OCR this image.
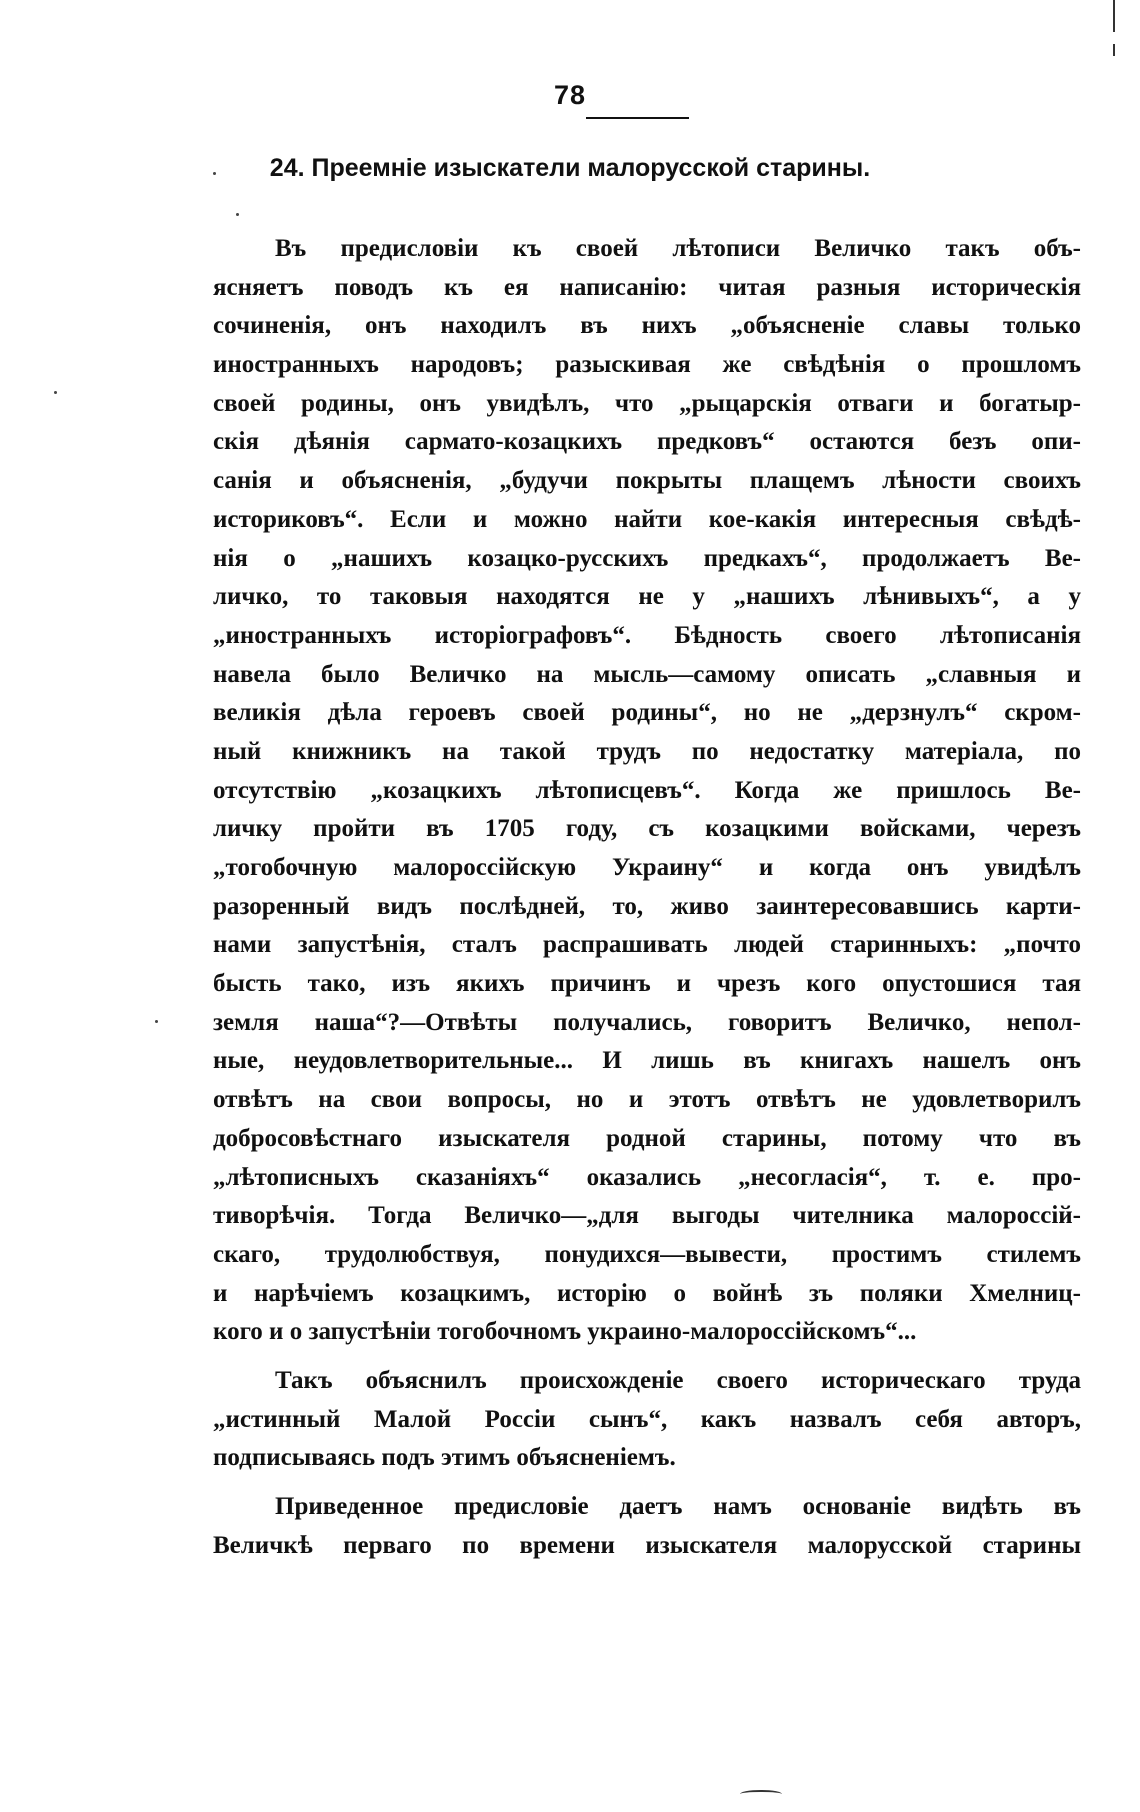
78
24. Преемніе изыскатели малорусской старины.
Въ предисловіи къ своей лѣтописи Величко такъ объ-
ясняетъ поводъ къ ея написанію: читая разныя историческія
сочиненія, онъ находилъ въ нихъ „объясненіе славы только
иностранныхъ народовъ; разыскивая же свѣдѣнія о прошломъ
своей родины, онъ увидѣлъ, что „рыцарскія отваги и богатыр-
скія дѣянія сармато-козацкихъ предковъ“ остаются безъ опи-
санія и объясненія, „будучи покрыты плащемъ лѣности своихъ
историковъ“. Если и можно найти кое-какія интересныя свѣдѣ-
нія о „нашихъ козацко-русскихъ предкахъ“, продолжаетъ Ве-
личко, то таковыя находятся не у „нашихъ лѣнивыхъ“, а у
„иностранныхъ исторіографовъ“. Бѣдность своего лѣтописанія
навела было Величко на мысль—самому описать „славныя и
великія дѣла героевъ своей родины“, но не „дерзнулъ“ скром-
ный книжникъ на такой трудъ по недостатку матеріала, по
отсутствію „козацкихъ лѣтописцевъ“. Когда же пришлось Ве-
личку пройти въ 1705 году, съ козацкими войсками, черезъ
„тогобочную малороссійскую Украину“ и когда онъ увидѣлъ
разоренный видъ послѣдней, то, живо заинтересовавшись карти-
нами запустѣнія, сталъ распрашивать людей старинныхъ: „почто
бысть тако, изъ якихъ причинъ и чрезъ кого опустошися тая
земля наша“?—Отвѣты получались, говоритъ Величко, непол-
ные, неудовлетворительные... И лишь въ книгахъ нашелъ онъ
отвѣтъ на свои вопросы, но и этотъ отвѣтъ не удовлетворилъ
добросовѣстнаго изыскателя родной старины, потому что въ
„лѣтописныхъ сказаніяхъ“ оказались „несогласія“, т. е. про-
тиворѣчія. Тогда Величко—„для выгоды чителника малороссій-
скаго, трудолюбствуя, понудихся—вывести, простимъ стилемъ
и нарѣчіемъ козацкимъ, исторію о войнѣ зъ поляки Хмелниц-
кого и о запустѣніи тогобочномъ украино-малороссійскомъ“...
Такъ объяснилъ происхожденіе своего историческаго труда
„истинный Малой Россіи сынъ“, какъ назвалъ себя авторъ,
подписываясь подъ этимъ объясненіемъ.
Приведенное предисловіе даетъ намъ основаніе видѣть въ
Величкѣ перваго по времени изыскателя малорусской старины
